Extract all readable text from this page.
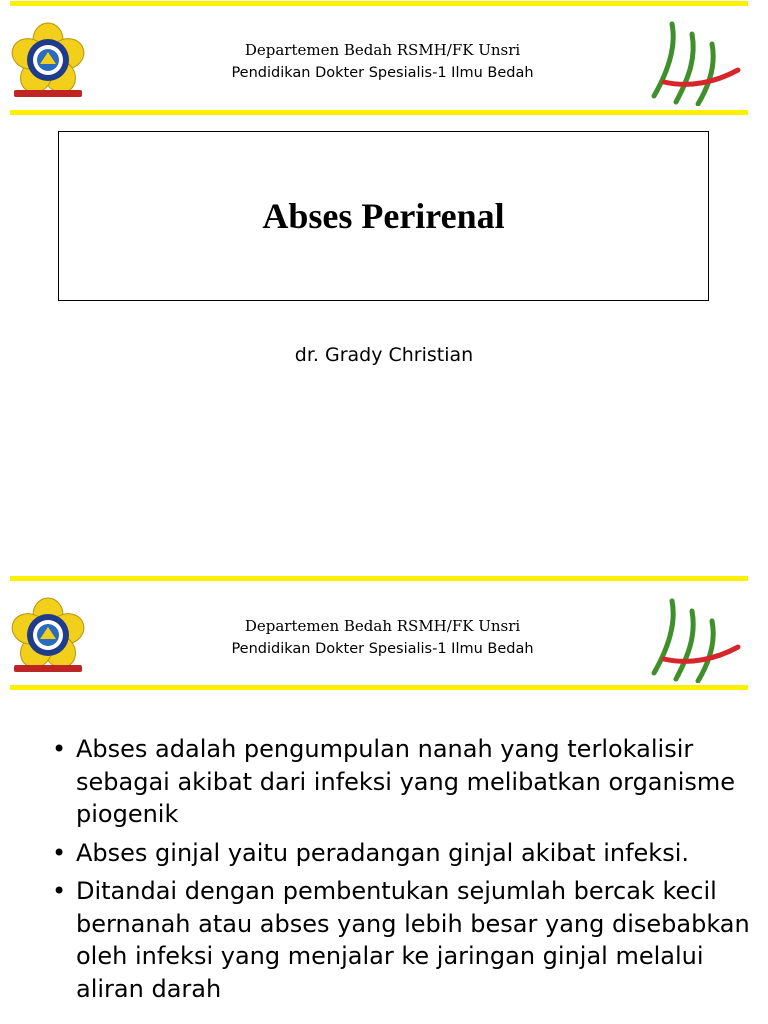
Departemen Bedah RSMH/FK Unsri
Pendidikan Dokter Spesialis-1 Ilmu Bedah
Abses Perirenal
dr. Grady Christian
Departemen Bedah RSMH/FK Unsri
Pendidikan Dokter Spesialis-1 Ilmu Bedah
• Abses adalah pengumpulan nanah yang terlokalisir sebagai akibat dari infeksi yang melibatkan organisme piogenik
• Abses ginjal yaitu peradangan ginjal akibat infeksi.
• Ditandai dengan pembentukan sejumlah bercak kecil bernanah atau abses yang lebih besar yang disebabkan oleh infeksi yang menjalar ke jaringan ginjal melalui aliran darah
